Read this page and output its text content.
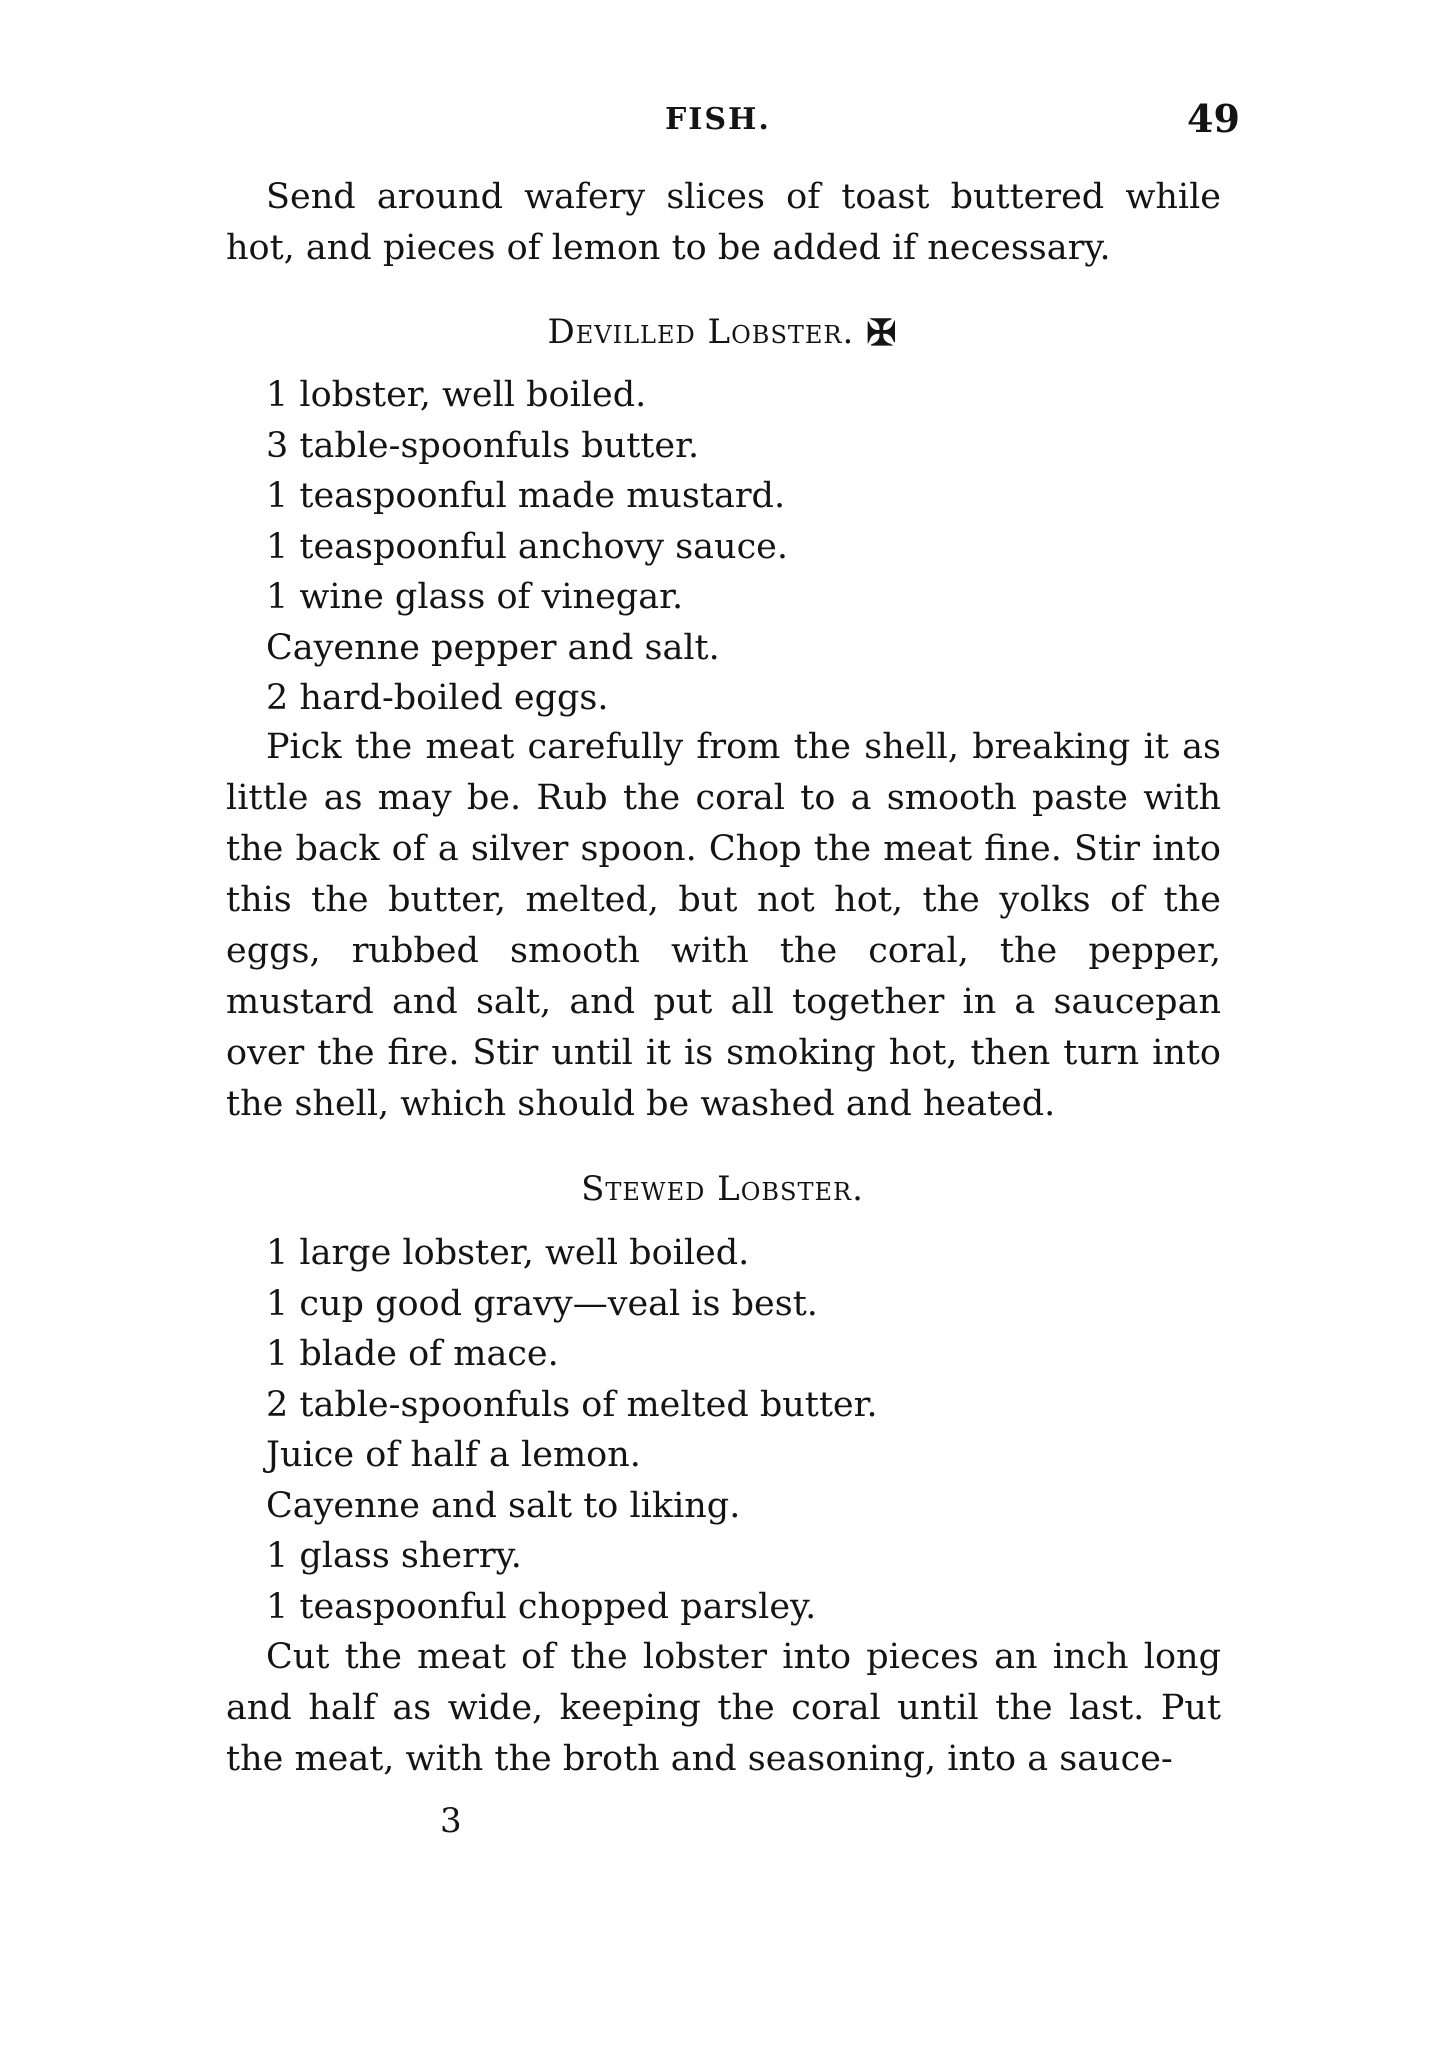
FISH.	49

Send around wafery slices of toast buttered while hot, and pieces of lemon to be added if necessary.

Devilled Lobster. ✠
1 lobster, well boiled.
3 table-spoonfuls butter.
1 teaspoonful made mustard.
1 teaspoonful anchovy sauce.
1 wine glass of vinegar.
Cayenne pepper and salt.
2 hard-boiled eggs.

Pick the meat carefully from the shell, breaking it as little as may be. Rub the coral to a smooth paste with the back of a silver spoon. Chop the meat fine. Stir into this the butter, melted, but not hot, the yolks of the eggs, rubbed smooth with the coral, the pepper, mustard and salt, and put all together in a saucepan over the fire. Stir until it is smoking hot, then turn into the shell, which should be washed and heated.

Stewed Lobster.
1 large lobster, well boiled.
1 cup good gravy—veal is best.
1 blade of mace.
2 table-spoonfuls of melted butter.
Juice of half a lemon.
Cayenne and salt to liking.
1 glass sherry.
1 teaspoonful chopped parsley.

Cut the meat of the lobster into pieces an inch long and half as wide, keeping the coral until the last. Put the meat, with the broth and seasoning, into a sauce-

3
